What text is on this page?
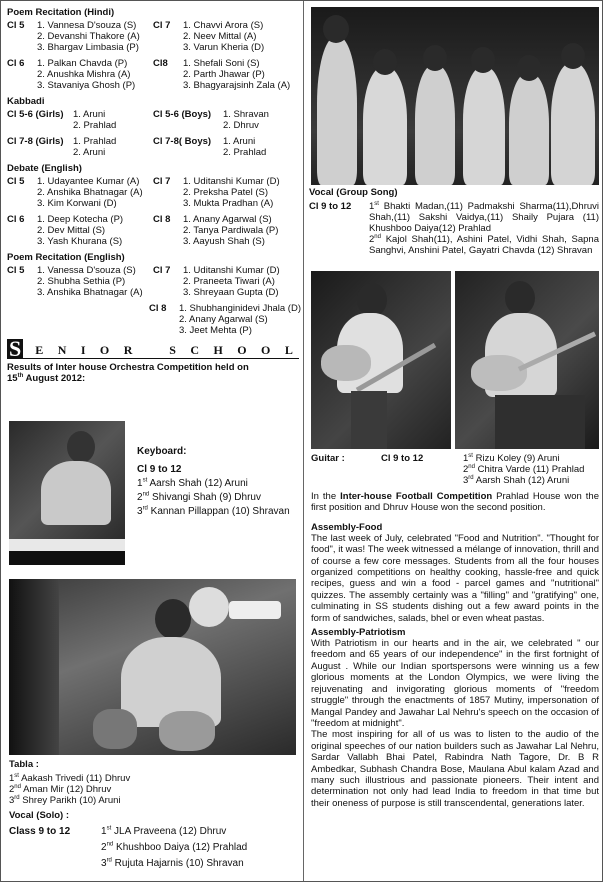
Poem Recitation (Hindi)
Cl 5	1. Vannesa D'souza (S)
2. Devanshi Thakore (A)
3. Bhargav Limbasia (P)
Cl 7	1. Chavvi Arora (S)
2. Neev Mittal (A)
3. Varun Kheria (D)
Cl 6	1. Palkan Chavda (P)
2. Anushka Mishra (A)
3. Stavaniya Ghosh (P)
Cl8	1. Shefali Soni (S)
2. Parth Jhawar (P)
3. Bhagyarajsinh Zala (A)
Kabbadi
Cl 5-6 (Girls)	1. Aruni
2. Prahlad
Cl 5-6 (Boys)	1. Shravan
2. Dhruv
Cl 7-8 (Girls)	1. Prahlad
2. Aruni
Cl 7-8( Boys)	1. Aruni
2. Prahlad
Debate (English)
Cl 5	1. Udayantee Kumar (A)
2. Anshika Bhatnagar (A)
3. Kim Korwani (D)
Cl 7	1. Uditanshi Kumar (D)
2. Preksha Patel (S)
3. Mukta Pradhan (A)
Cl 6	1. Deep Kotecha (P)
2. Dev Mittal (S)
3. Yash Khurana (S)
Cl 8	1. Anany Agarwal (S)
2. Tanya Pardiwala (P)
3. Aayush Shah (S)
Poem Recitation (English)
Cl 5	1. Vanessa D'souza (S)
2. Shubha Sethia (P)
3. Anshika Bhatnagar (A)
Cl 7	1. Uditanshi Kumar (D)
2. Praneeta Tiwari (A)
3. Shreyaan Gupta (D)
Cl 8	1. Shubhanginidevi Jhala (D)
2. Anany Agarwal (S)
3. Jeet Mehta (P)
S E N I O R	S C H O O L
Results of Inter house Orchestra Competition held on
15th August 2012:
Keyboard:
Cl 9 to 12
1st Aarsh Shah (12) Aruni
2nd Shivangi Shah (9) Dhruv
3rd Kannan Pillappan (10) Shravan
Tabla :
1st Aakash Trivedi (11) Dhruv
2nd Aman Mir (12) Dhruv
3rd Shrey Parikh (10) Aruni
Vocal (Solo) :
Class 9 to 12	1st JLA Praveena (12) Dhruv
2nd Khushboo Daiya (12) Prahlad
3rd Rujuta Hajarnis (10) Shravan
Vocal (Group Song)
Cl 9 to 12	1st Bhakti Madan,(11) Padmakshi Sharma(11),Dhruvi Shah,(11) Sakshi Vaidya,(11) Shaily Pujara (11) Khushboo Daiya(12) Prahlad
2nd Kajol Shah(11), Ashini Patel, Vidhi Shah, Sapna Sanghvi, Anshini Patel, Gayatri Chavda (12) Shravan
Guitar :	Cl 9 to 12	1st Rizu Koley (9) Aruni
2nd Chitra Varde (11) Prahlad
3rd Aarsh Shah (12) Aruni

In the Inter-house Football Competition Prahlad House won the first position and Dhruv House won the second position.

Assembly-Food

The last week of July, celebrated "Food and Nutrition". "Thought for food", it was! The week witnessed a mélange of innovation, thrill and of course a few core messages. Students from all the four houses organized competitions on healthy cooking, hassle-free and quick recipes, guess and win a food - parcel games and "nutritional" quizzes. The assembly certainly was a "filling" and "gratifying" one, culminating in SS students dishing out a few award points in the form of sandwiches, salads, bhel or even wheat pastas.

Assembly-Patriotism

With Patriotism in our hearts and in the air, we celebrated " our freedom and 65 years of our independence" in the first fortnight of August . While our Indian sportspersons were winning us a few glorious moments at the London Olympics, we were living the rejuvenating and invigorating glorious moments of "freedom struggle" through the enactments of 1857 Mutiny, impersonation of Mangal Pandey and Jawahar Lal Nehru's speech on the occasion of "freedom at midnight".

The most inspiring for all of us was to listen to the audio of the original speeches of our nation builders such as Jawahar Lal Nehru, Sardar Vallabh Bhai Patel, Rabindra Nath Tagore, Dr. B R Ambedkar, Subhash Chandra Bose, Maulana Abul kalam Azad and many such illustrious and passionate pioneers. Their intent and determination not only had lead India to freedom in that time but their oneness of purpose is still transcendental, generations later.
